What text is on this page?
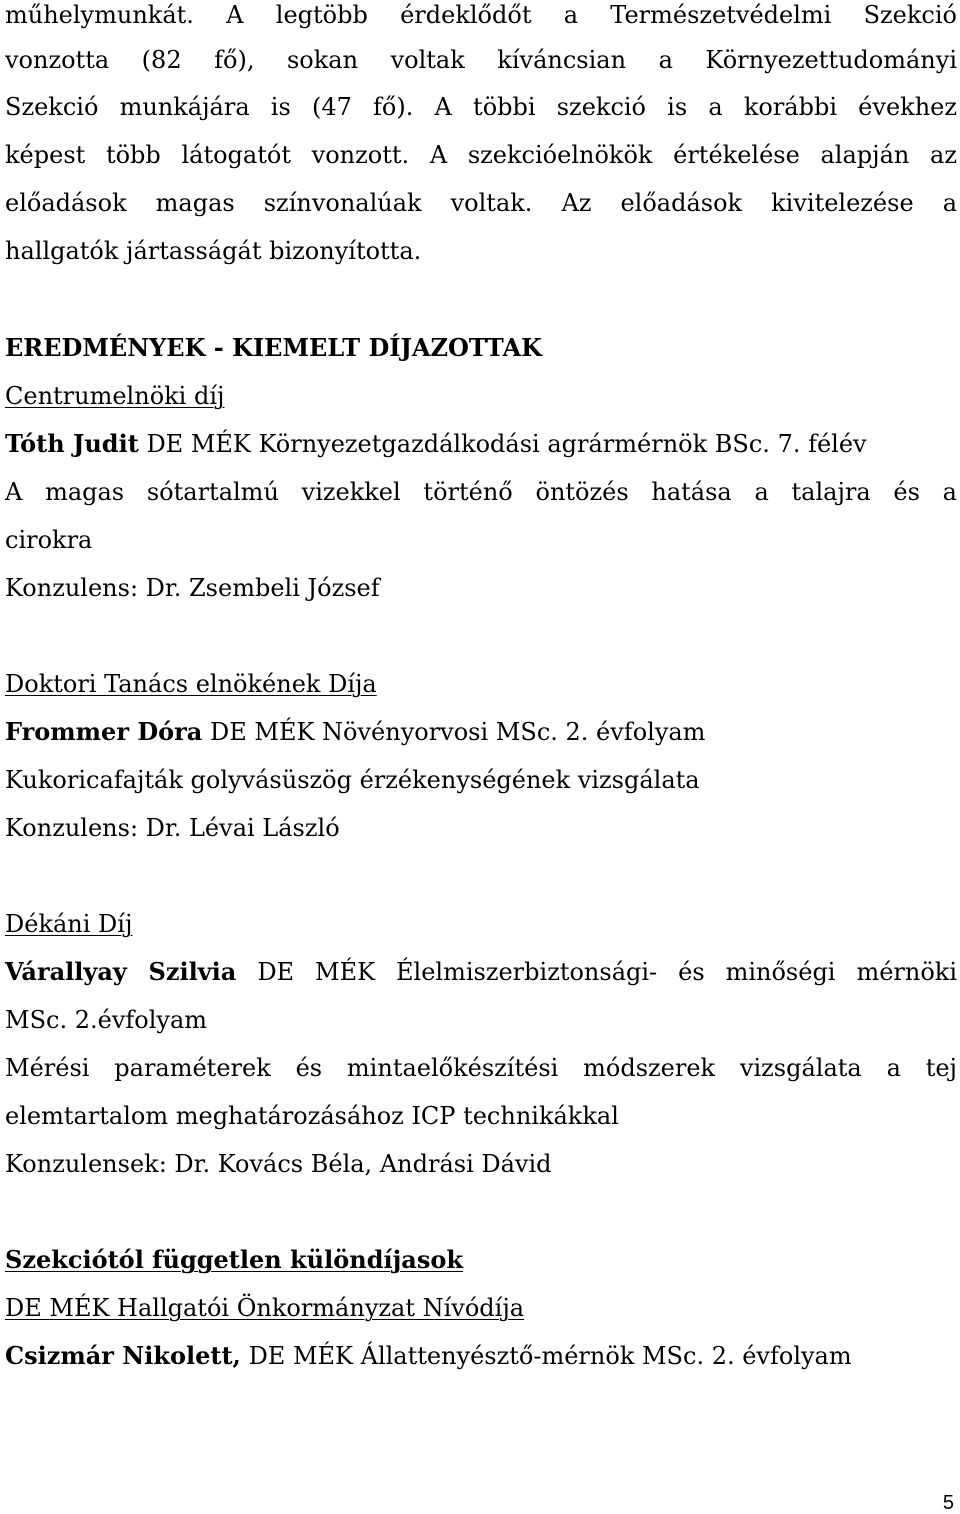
műhelymunkát. A legtöbb érdeklődőt a Természetvédelmi Szekció
vonzotta (82 fő), sokan voltak kíváncsian a Környezettudományi
Szekció munkájára is (47 fő). A többi szekció is a korábbi évekhez
képest több látogatót vonzott. A szekcióelnökök értékelése alapján az
előadások magas színvonalúak voltak. Az előadások kivitelezése a
hallgatók jártasságát bizonyította.
EREDMÉNYEK - KIEMELT DÍJAZOTTAK
Centrumelnöki díj
Tóth Judit DE MÉK Környezetgazdálkodási agrármérnök BSc. 7. félév
A magas sótartalmú vizekkel történő öntözés hatása a talajra és a
cirokra
Konzulens: Dr. Zsembeli József
Doktori Tanács elnökének Díja
Frommer Dóra DE MÉK Növényorvosi MSc. 2. évfolyam
Kukoricafajták golyvásüszög érzékenységének vizsgálata
Konzulens: Dr. Lévai László
Dékáni Díj
Várallyay Szilvia DE MÉK Élelmiszerbiztonsági- és minőségi mérnöki
MSc. 2.évfolyam
Mérési paraméterek és mintaelőkészítési módszerek vizsgálata a tej
elemtartalom meghatározásához ICP technikákkal
Konzulensek: Dr. Kovács Béla, Andrási Dávid
Szekciótól független különdíjasok
DE MÉK Hallgatói Önkormányzat Nívódíja
Csizmár Nikolett, DE MÉK Állattenyésztő-mérnök MSc. 2. évfolyam
5
